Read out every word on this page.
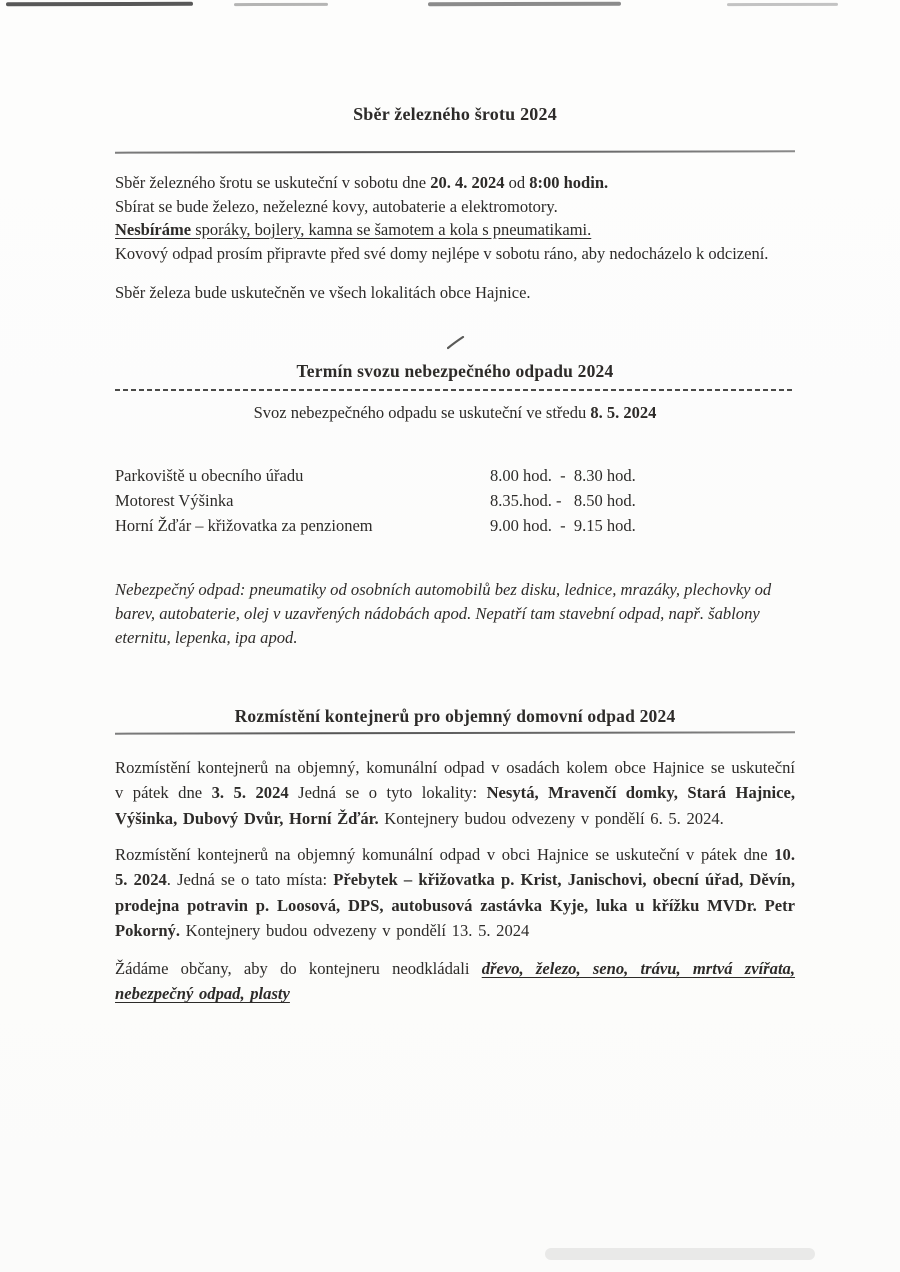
Sběr železného šrotu 2024

Sběr železného šrotu se uskuteční v sobotu dne 20. 4. 2024 od 8:00 hodin.
Sbírat se bude železo, neželezné kovy, autobaterie a elektromotory.
Nesbíráme sporáky, bojlery, kamna se šamotem a kola s pneumatikami.
Kovový odpad prosím připravte před své domy nejlépe v sobotu ráno, aby nedocházelo k odcizení.

Sběr železa bude uskutečněn ve všech lokalitách obce Hajnice.

Termín svozu nebezpečného odpadu 2024

Svoz nebezpečného odpadu se uskuteční ve středu 8. 5. 2024

Parkoviště u obecního úřadu	8.00 hod.  -  8.30 hod.
Motorest Výšinka	8.35.hod. -   8.50 hod.
Horní Žďár – křižovatka za penzionem	9.00 hod.  -  9.15 hod.

Nebezpečný odpad: pneumatiky od osobních automobilů bez disku, lednice, mrazáky, plechovky od barev, autobaterie, olej v uzavřených nádobách apod. Nepatří tam stavební odpad, např. šablony eternitu, lepenka, ipa apod.

Rozmístění kontejnerů pro objemný domovní odpad 2024

Rozmístění kontejnerů na objemný, komunální odpad v osadách kolem obce Hajnice se uskuteční v pátek dne 3. 5. 2024 Jedná se o tyto lokality: Nesytá, Mravenčí domky, Stará Hajnice, Výšinka, Dubový Dvůr, Horní Žďár. Kontejnery budou odvezeny v pondělí 6. 5. 2024.

Rozmístění kontejnerů na objemný komunální odpad v obci Hajnice se uskuteční v pátek dne 10. 5. 2024. Jedná se o tato místa: Přebytek – křižovatka p. Krist, Janischovi, obecní úřad, Děvín, prodejna potravin p. Loosová, DPS, autobusová zastávka Kyje, luka u křížku MVDr. Petr Pokorný. Kontejnery budou odvezeny v pondělí 13. 5. 2024

Žádáme občany, aby do kontejneru neodkládali dřevo, železo, seno, trávu, mrtvá zvířata, nebezpečný odpad, plasty
